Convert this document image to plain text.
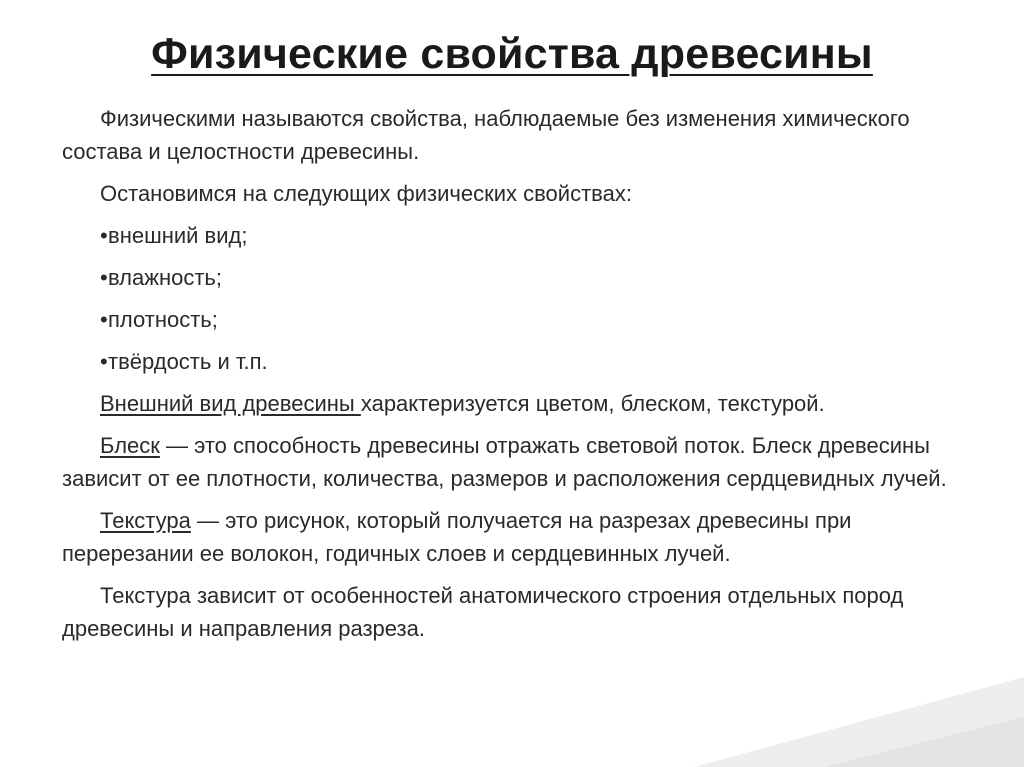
Физические свойства древесины

Физическими называются свойства, наблюдаемые без изменения химического состава и целостности древесины.

Остановимся на следующих физических свойствах:

•внешний вид;
•влажность;
•плотность;
•твёрдость и т.п.

Внешний вид древесины характеризуется цветом, блеском, текстурой.

Блеск — это способность древесины отражать световой поток. Блеск древесины зависит от ее плотности, количества, размеров и расположения сердцевидных лучей.

Текстура — это рисунок, который получается на разрезах древесины при перерезании ее волокон, годичных слоев и сердцевинных лучей.

Текстура зависит от особенностей анатомического строения отдельных пород древесины и направления разреза.
